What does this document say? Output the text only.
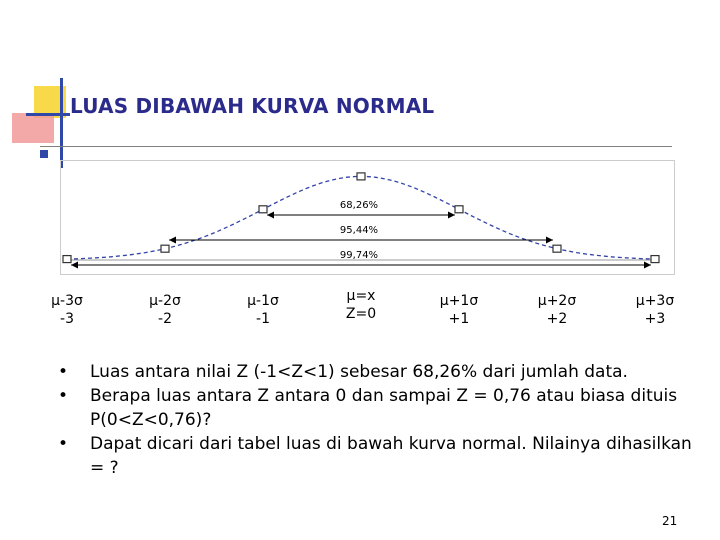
LUAS DIBAWAH KURVA NORMAL
68,26%
95,44%
99,74%
μ-3σ
-3
μ-2σ
-2
μ-1σ
-1
μ=x
Z=0
μ+1σ
+1
μ+2σ
+2
μ+3σ
+3
• Luas antara nilai Z (-1<Z<1) sebesar 68,26% dari jumlah data.
• Berapa luas antara Z antara 0 dan sampai Z = 0,76 atau biasa dituis P(0<Z<0,76)?
• Dapat dicari dari tabel luas di bawah kurva normal. Nilainya dihasilkan = ?
21
